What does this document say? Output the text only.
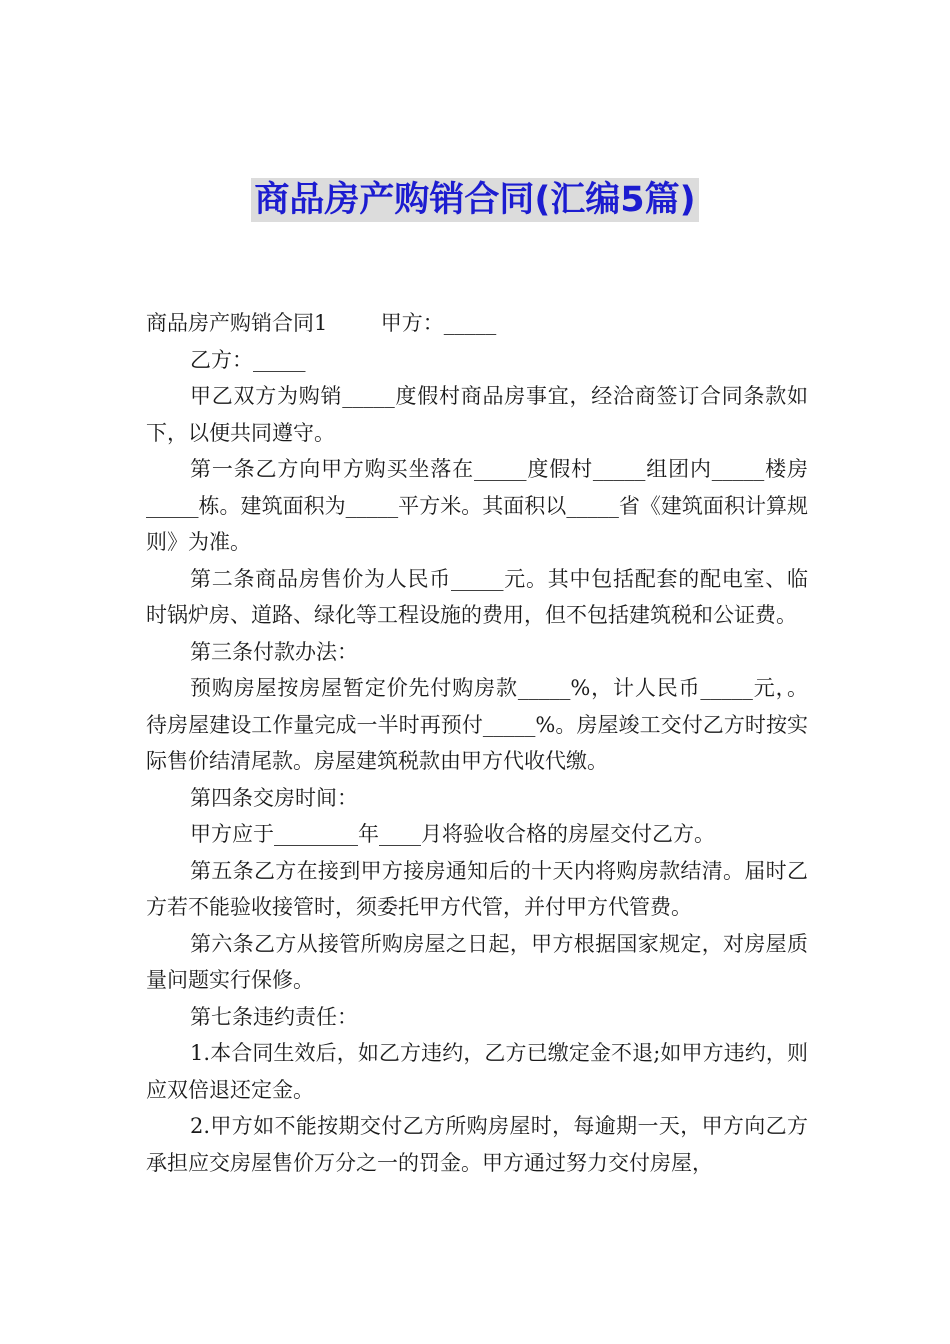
商品房产购销合同(汇编5篇)

商品房产购销合同1        甲方：_____

乙方：_____

甲乙双方为购销_____度假村商品房事宜，经洽商签订合同条款如下，以便共同遵守。

第一条乙方向甲方购买坐落在_____度假村_____组团内_____楼房_____栋。建筑面积为_____平方米。其面积以_____省《建筑面积计算规则》为准。

第二条商品房售价为人民币_____元。其中包括配套的配电室、临时锅炉房、道路、绿化等工程设施的费用，但不包括建筑税和公证费。

第三条付款办法：

预购房屋按房屋暂定价先付购房款_____%，计人民币_____元，。待房屋建设工作量完成一半时再预付_____%。房屋竣工交付乙方时按实际售价结清尾款。房屋建筑税款由甲方代收代缴。

第四条交房时间：

甲方应于________年____月将验收合格的房屋交付乙方。

第五条乙方在接到甲方接房通知后的十天内将购房款结清。届时乙方若不能验收接管时，须委托甲方代管，并付甲方代管费。

第六条乙方从接管所购房屋之日起，甲方根据国家规定，对房屋质量问题实行保修。

第七条违约责任：

1.本合同生效后，如乙方违约，乙方已缴定金不退;如甲方违约，则应双倍退还定金。

2.甲方如不能按期交付乙方所购房屋时，每逾期一天，甲方向乙方承担应交房屋售价万分之一的罚金。甲方通过努力交付房屋，
